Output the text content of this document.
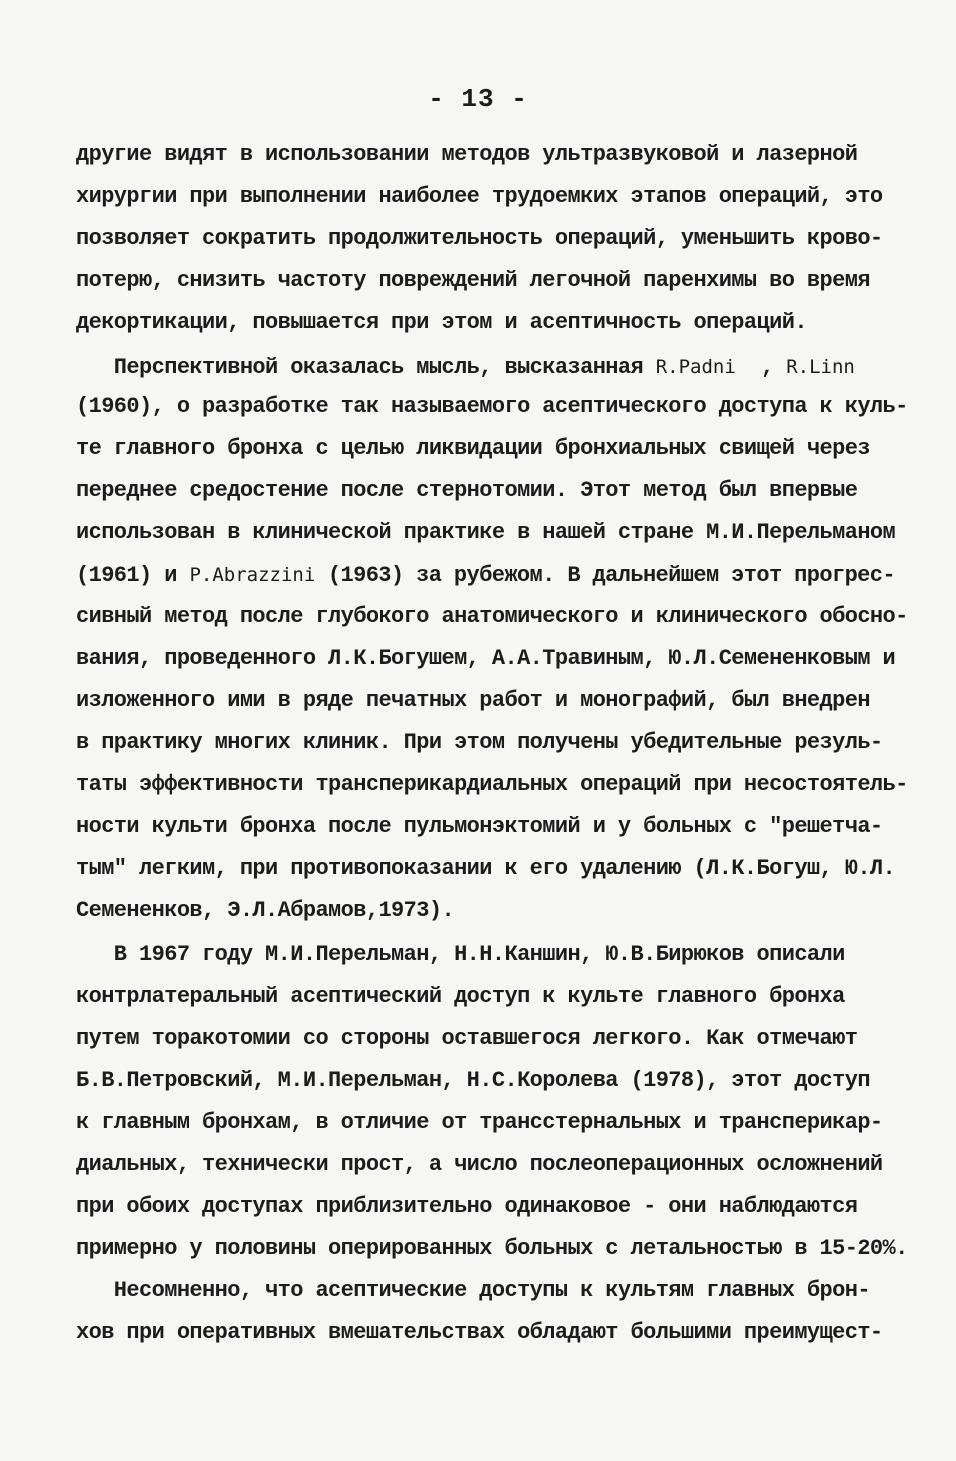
- 13 -
другие видят в использовании методов ультразвуковой и лазерной
хирургии при выполнении наиболее трудоемких этапов операций, это
позволяет сократить продолжительность операций, уменьшить крово-
потерю, снизить частоту повреждений легочной паренхимы во время
декортикации, повышается при этом и асептичность операций.
Перспективной оказалась мысль, высказанная R.Padni , R.Linn
(1960), о разработке так называемого асептического доступа к куль-
те главного бронха с целью ликвидации бронхиальных свищей через
переднее средостение после стернотомии. Этот метод был впервые
использован в клинической практике в нашей стране М.И.Перельманом
(1961) и P.Abrazzini (1963) за рубежом. В дальнейшем этот прогрес-
сивный метод после глубокого анатомического и клинического обосно-
вания, проведенного Л.К.Богушем, А.А.Травиным, Ю.Л.Семененковым и
изложенного ими в ряде печатных работ и монографий, был внедрен
в практику многих клиник. При этом получены убедительные резуль-
таты эффективности трансперикардиальных операций при несостоятель-
ности культи бронха после пульмонэктомий и у больных с "решетча-
тым" легким, при противопоказании к его удалению (Л.К.Богуш, Ю.Л.
Семененков, Э.Л.Абрамов,1973).
В 1967 году М.И.Перельман, Н.Н.Каншин, Ю.В.Бирюков описали
контрлатеральный асептический доступ к культе главного бронха
путем торакотомии со стороны оставшегося легкого. Как отмечают
Б.В.Петровский, М.И.Перельман, Н.С.Королева (1978), этот доступ
к главным бронхам, в отличие от трансстернальных и трансперикар-
диальных, технически прост, а число послеоперационных осложнений
при обоих доступах приблизительно одинаковое - они наблюдаются
примерно у половины оперированных больных с летальностью в 15-20%.
Несомненно, что асептические доступы к культям главных брон-
хов при оперативных вмешательствах обладают большими преимущест-
